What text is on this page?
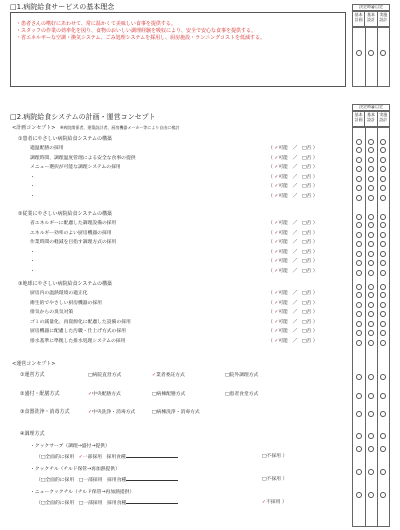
□1.病院給食サービスの基本理念
・患者さんの嗜好にあわせて、常に温かくて美味しい食事を提供する。
・スタッフの作業の効率化を図り、食物のおいしい調理経験を吸収により、安全で安心な食事を提供する。
・省エネルギーな空調・換気システム、ごみ処理システムを採用し、厨房施設・ランニングコストを低減する。
決定時審目定
基本計画
基本設計
実施設計
□2.病院給食システムの計画・運営コンセプト
決定時審目定
基本計画
基本設計
実施設計
<計画コンセプト> ※病院関係者、建築設計者、厨房機器メーカー等により自由に検討
<運営コンセプト>
①患者にやさしい病院給食システムの構築
適温配膳の採用	（ ✓可能 ／ □否 ）
調理時間、調理温度管理による安全な食事の提供	（ ✓可能 ／ □否 ）
メニュー選択が可能な調理システムの採用	（ ✓可能 ／ □否 ）
・	（ ✓可能 ／ □否 ）
・	（ ✓可能 ／ □否 ）
・	（ ✓可能 ／ □否 ）
②従業にやさしい病院給食システムの構築
省エネルギーに配慮した調理設備の採用	（ ✓可能 ／ □否 ）
エネルギー効率のよい厨房機器の採用	（ ✓可能 ／ □否 ）
作業時間の軽減を目指す調理方式の採用	（ ✓可能 ／ □否 ）
・	（ ✓可能 ／ □否 ）
・	（ ✓可能 ／ □否 ）
・	（ ✓可能 ／ □否 ）
③地球にやさしい病院給食システムの構築
厨房内の温熱環境の適正化	（ ✓可能 ／ □否 ）
衛生的でやさしい厨房機器の採用	（ ✓可能 ／ □否 ）
排気からの臭気対策	（ ✓可能 ／ □否 ）
ゴミの減量化、再資源化に配慮した設備の採用	（ ✓可能 ／ □否 ）
厨房機器に配慮した汚職・仕上げ方式の採用	（ ✓可能 ／ □否 ）
排水基準に準拠した排水処理システムの採用	（ ✓可能 ／ □否 ）
①運営方式	□病院直営方式	✓業者委託方式	□院外調理方式
②盛付・配膳方式	✓中央配膳方式	□病棟配膳方式	□患者食堂方式
③食器洗浄・消毒方式	✓中央洗浄・消毒方式	□病棟洗浄・消毒方式
④調理方式
・クックサーブ（調理→盛付→提供）
（□全面的に採用 ✓一部採用 採用食種	□不採用 ）
・クックチル（チルド保管→再加熱提供）
（□全面的に採用 □一部採用 採用食種	□不採用 ）
・ニュークックチル（チルド保管→再加熱提供）
（□全面的に採用 □一部採用 採用食種	✓不採用 ）
